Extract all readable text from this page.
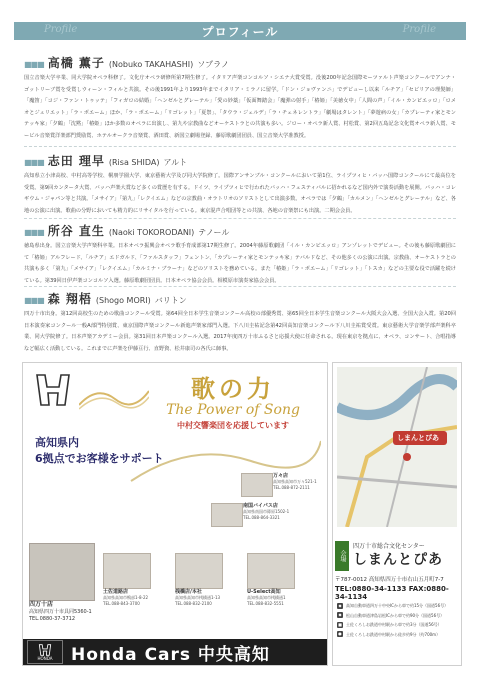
Profile	プロフィール	Profile
■■■ 高橋 薫子 (Nobuko TAKAHASHI) ソプラノ
国立音楽大学卒業、同大学院オペラ科修了。文化庁オペラ研修所第7期生修了。イタリア声楽コンコルソ・シエナ大賞受賞。没後200年記念国際モーツァルト声楽コンクールでアンナ・ゴットリーブ賞を受賞しウィーン・フィルと共演。その後1991年より1993年までイタリア・ミラノに留学。「ドン・ジョヴァンニ」でデビューし以来「ルチア」「セビリアの理髪師」「魔笛」「コジ・ファン・トゥッテ」「フィガロの結婚」「ヘンゼルとグレーテル」「愛の妙薬」「仮面舞踏会」「魔弾の射手」「椿姫」「美徳女中」「人間の声」「イル・カンピエッロ」「ロメオとジュリエット」「ラ・ボエーム」ほか、「ラ・ボエーム」「リゴレット」「夏祭」、「タウラ・ジェルデ」「ラ・チェネレントラ」「劇場はタレント」「夢遊病の女」「カプレーティ家とモンテッキ家」「夕鶴」「沈黙」「椿姫」ほか多数のオペラに出演し、第九や宗教曲などオーケストラとの共演も多い。ジロー・オペラ新人賞、村松賞、第2回五島記念文化賞オペラ新人賞、モービル音楽賞洋楽部門奨励賞、ホテルオークラ音楽賞、酒田賞、新国立劇場登録、藤原歌劇団団員、国立音楽大学准教授。
■■■ 志田 理早 (Risa SHIDA) アルト
高知県立小津高校、中村高等学校、桐朋学園大学、東京藝術大学及び同大学院修了。国際アンサンブル・コンクールにおいて第1位、ライプツィヒ・バッハ国際コンクールにて最高位を受賞。第9回カンタータ大賞、バッハ声楽大賞など多くの賞歴を有する。ドイツ、ライプツィヒで行われたバッハ・フェスティバルに招かれるなど国内外で演奏活動を展開。バッハ・コレギウム・ジャパン等と共演。「メサイア」「第九」「レクイエム」などの宗教曲・オラトリオのソリストとして出演多数。オペラでは「夕鶴」「カルメン」「ヘンゼルとグレーテル」など、各地の公演に出演。歌曲の分野においても精力的にリサイタルを行っている。東京混声合唱団等との共演、各地の音楽祭にも出演。二期会会員。
■■■ 所谷 直生 (Naoki TOKORODANI) テノール
徳島県出身。国立音楽大学声楽科卒業。日本オペラ振興会オペラ歌手育成部第17期生修了。2004年藤原歌劇団「イル・カンピエッロ」アンゾレットでデビュー。その後も藤原歌劇団にて「椿姫」アルフレード、「ルチア」エドガルド、「ファルスタッフ」フェントン、「カプレーティ家とモンテッキ家」テバルドなど、その他多くの公演に出演。宗教曲、オーケストラとの共演も多く「第九」「メサイア」「レクイエム」「カルミナ・ブラーナ」などのソリストを務めている。また「椿姫」「ラ・ボエーム」「リゴレット」「トスカ」などの主要な役で活躍を続けている。第39回日伊声楽コンコルソ入選。藤原歌劇団団員。日本オペラ協会会員。相模原市演奏家協会会員。
■■■ 森 翔梧 (Shogo MORI) バリトン
四万十市出身。第12回高校生のための歌曲コンクール受賞。第64回全日本学生音楽コンクール高校の部優秀賞、第65回全日本学生音楽コンクール大阪大会入選、全国大会入賞。第20回日本演奏家コンクール一般A部門特別賞、東京国際声楽コンクール新進声楽家部門入選。下八川圭祐記念第42回高知音楽コンクール下八川圭祐賞受賞。東京藝術大学音楽学部声楽科卒業、同大学院修了。日本声楽アカデミー会員。第31回日本声楽コンクール入選。2017年度四万十市ふるさと応援大使に任命される。現在東京を拠点に、オペラ、コンサート、合唱指導など幅広く活動している。これまでに声楽を伊藤亘行、直野資、松井康司の各氏に師事。
歌の力
The Power of Song
中村交響楽団を応援しています
高知県内
6拠点でお客様をサポート
万々店
高知県高知市万々521-1
TEL.088-872-2111
南国バイパス店
高知県南国市篠原1502-1
TEL.088-864-3321
土佐道路店
高知県高知市鴨部1-8-22
TEL.088-843-3700
桟橋店/本社
高知県高知市桟橋通1-13
TEL.088-832-2100
U-Select高知
高知県高知市桟橋通1
TEL.088-832-5551
四万十店
高知県四万十市具同5360-1
TEL.0880-37-3712
HONDA Honda Cars 中央高知
しまんとぴあ
会場
四万十市総合文化センター
しまんとぴあ
〒787-0012 高知県四万十市右山五月町7-7
TEL:0880-34-1133 FAX:0880-34-1134
◆	高知自動車道四万十中央ICから車で約15分（国道56号）
◆	松山自動車道津島岩松ICから車で約90分（国道56号）
■ 土佐くろしお鉄道中村駅から車で約3分（国道56号）
●	土佐くろしお鉄道中村駅から徒歩約9分（約700m）
